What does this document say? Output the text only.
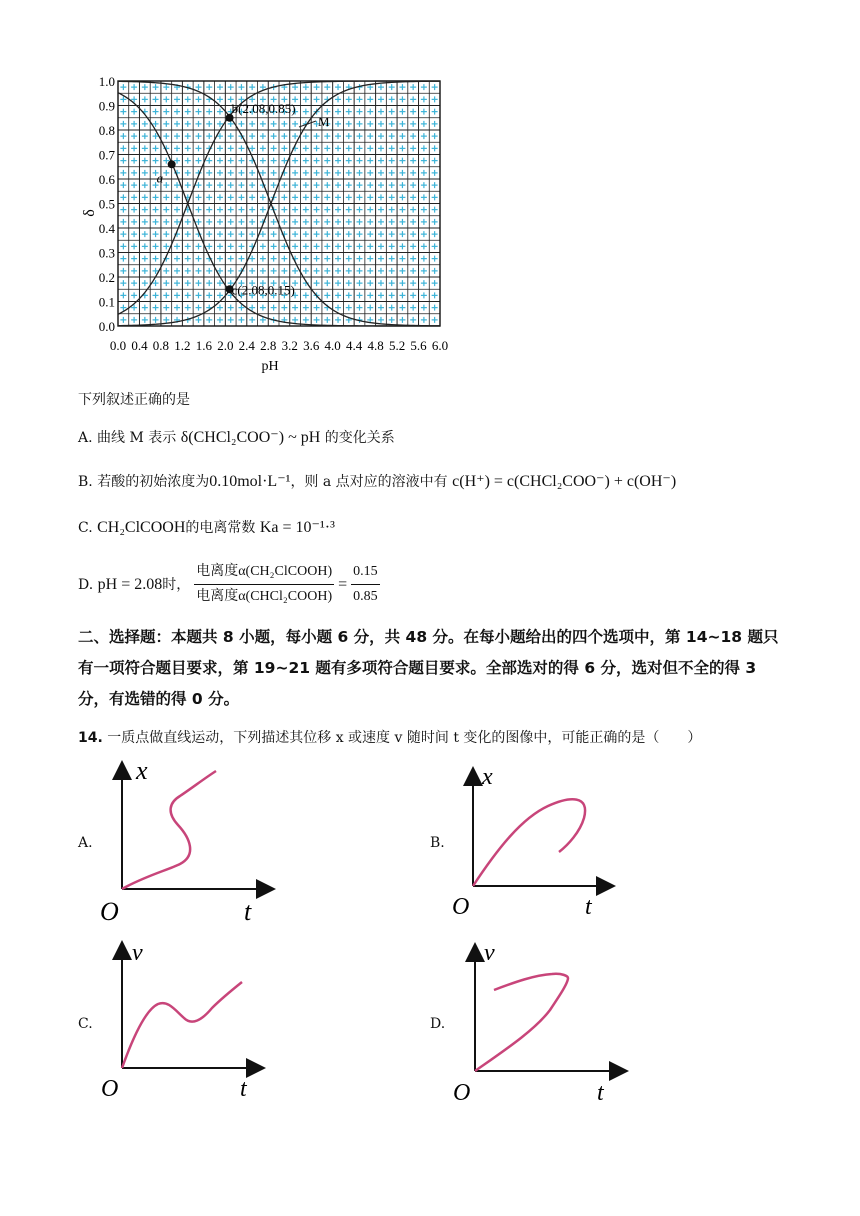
0.0 0.4 0.8 1.2 1.6 2.0 2.4 2.8 3.2 3.6 4.0 4.4 4.8 5.2 5.6 6.0
0.0
0.1
0.2
0.3
0.4
0.5
0.6
0.7
0.8
0.9
1.0
a
b(2.08,0.85)
c(2.08,0.15)
δ
pH
M
下列叙述正确的是
A. 曲线 M 表示 δ(CHCl₂COO⁻) ~ pH 的变化关系
B. 若酸的初始浓度为0.10mol·L⁻¹，则 a 点对应的溶液中有 c(H⁺) = c(CHCl₂COO⁻) + c(OH⁻)
C. CH₂ClCOOH的电离常数 Ka = 10⁻¹·³
D.
pH = 2.08 时，
电离度α(CH₂ClCOOH)
电离度α(CHCl₂COOH)
= $\frac{0.15}{0.85}$
二、选择题：本题共 8 小题，每小题 6 分，共 48 分。在每小题给出的四个选项中，第 14~18 题只有一项符合题目要求，第 19~21 题有多项符合题目要求。全部选对的得 6 分，选对但不全的得 3 分，有选错的得 0 分。
14. 一质点做直线运动，下列描述其位移 x 或速度 v 随时间 t 变化的图像中，可能正确的是（　　）
A.	B.
C.	D.
x
t
O
x
t
O
v
t
O
v
t
O
